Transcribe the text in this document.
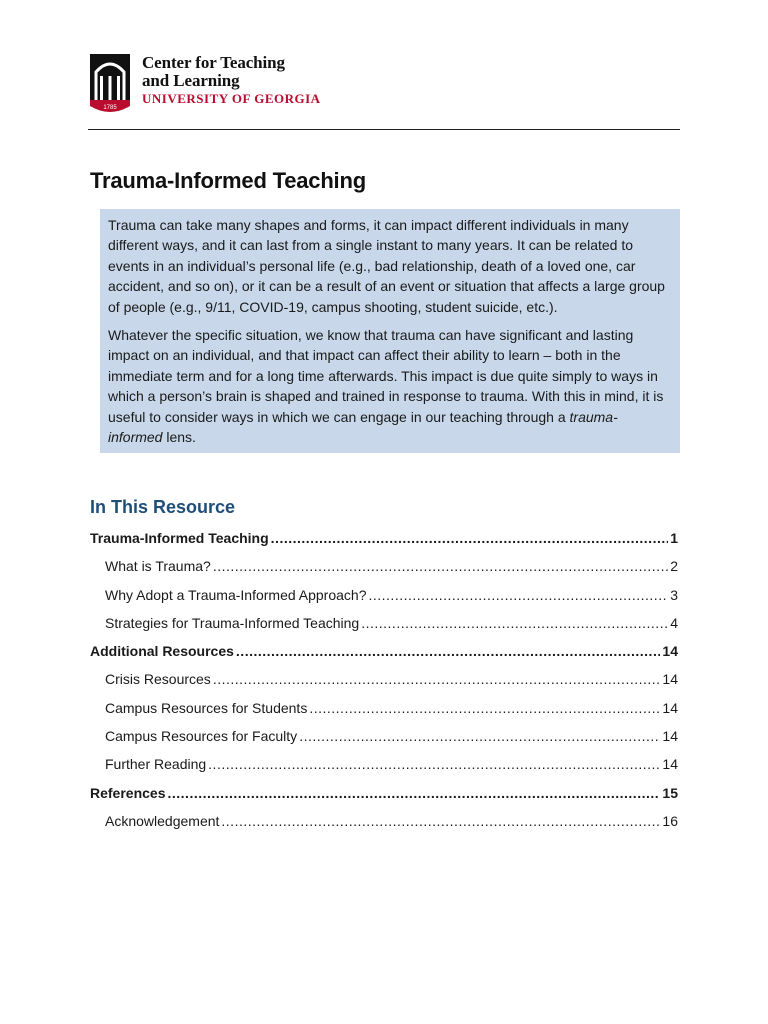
1785
Center for Teaching
and Learning
UNIVERSITY OF GEORGIA
Trauma-Informed Teaching

Trauma can take many shapes and forms, it can impact different individuals in many different ways, and it can last from a single instant to many years. It can be related to events in an individual’s personal life (e.g., bad relationship, death of a loved one, car accident, and so on), or it can be a result of an event or situation that affects a large group of people (e.g., 9/11, COVID-19, campus shooting, student suicide, etc.).

Whatever the specific situation, we know that trauma can have significant and lasting impact on an individual, and that impact can affect their ability to learn – both in the immediate term and for a long time afterwards. This impact is due quite simply to ways in which a person’s brain is shaped and trained in response to trauma. With this in mind, it is useful to consider ways in which we can engage in our teaching through a trauma-informed lens.

In This Resource
Trauma-Informed Teaching .....	1
What is Trauma? .....	2
Why Adopt a Trauma-Informed Approach? .....	3
Strategies for Trauma-Informed Teaching .....	4
Additional Resources .....	14
Crisis Resources .....	14
Campus Resources for Students .....	14
Campus Resources for Faculty .....	14
Further Reading .....	14
References .....	15
Acknowledgement .....	16
